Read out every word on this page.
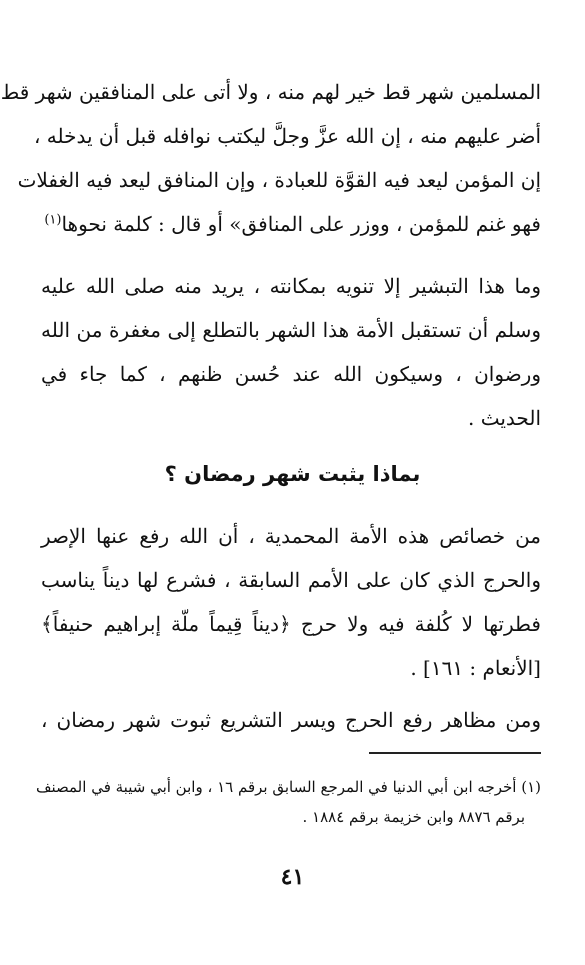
المسلمين شهر قط خير لهم منه ، ولا أتى على المنافقين شهر قط
أضر عليهم منه ، إن الله عزَّ وجلَّ ليكتب نوافله قبل أن يدخله ،
إن المؤمن ليعد فيه القوَّة للعبادة ، وإن المنافق ليعد فيه الغفلات
فهو غنم للمؤمن ، ووزر على المنافق» أو قال : كلمة نحوها$^{(١)}$
وما هذا التبشير إلا تنويه بمكانته ، يريد منه صلى الله عليه
وسلم أن تستقبل الأمة هذا الشهر بالتطلع إلى مغفرة من الله
ورضوان ، وسيكون الله عند حُسن ظنهم ، كما جاء في
الحديث .
بماذا يثبت شهر رمضان ؟
من خصائص هذه الأمة المحمدية ، أن الله رفع عنها الإصر
والحرج الذي كان على الأمم السابقة ، فشرع لها ديناً يناسب
فطرتها لا كُلفة فيه ولا حرج ﴿ديناً قِيماً ملّة إبراهيم حنيفاً﴾
[الأنعام : ١٦١] .
ومن مظاهر رفع الحرج ويسر التشريع ثبوت شهر رمضان ،
(١) أخرجه ابن أبي الدنيا في المرجع السابق برقم ١٦ ، وابن أبي شيبة في المصنف
برقم ٨٨٧٦ وابن خزيمة برقم ١٨٨٤ .
٤١
